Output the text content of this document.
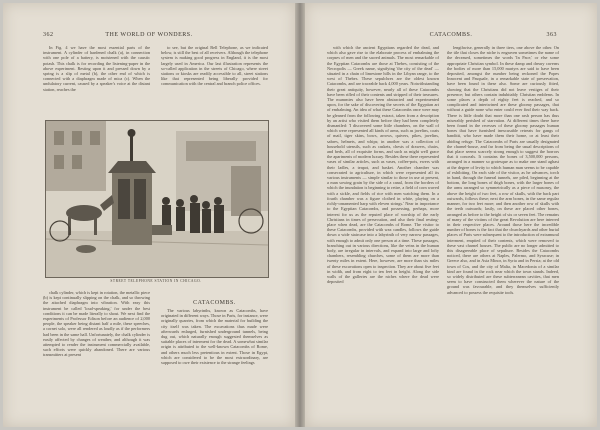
362	THE WORLD OF WONDERS.

In Fig. 4 we have the most essential parts of the instrument. A cylinder of hardened chalk (a), in connection with one pole of a battery, is moistened with the caustic potash. This chalk is for recording the listening-paper in the above experiment. Resting upon it and pressed down by a spring is a slip of metal (b), the other end of which is connected with a diaphragm made of mica (c). When the undulatory current, caused by a speaker's voice at the distant station, reaches the

to see, but the original Bell Telephone, as we indicated below, is still the best of all receivers. Although the telephone system is making good progress in England, it is the most largely used in America. Our last illustration represents the so-called application in the streets of Chicago, where street stations or kiosks are readily accessible to all, street stations like that represented being liberally provided for communication with the central and branch police offices.

STREET TELEPHONE STATION IN CHICAGO.

chalk cylinder, which is kept in rotation, the metallic piece (b) is kept continually slipping on the chalk, and so throwing the attached diaphragm into vibration. With easy this instrument be called 'loud-speaking,' for under the best conditions it can be made literally to shout. We next find the experiments of Professor Edison before an audience of 2,000 people, the speaker being distant half a mile, these speeches, a cornet solo, were all rendered as loudly as if the performers had been in the same hall. Unfortunately, the chalk cylinder is easily affected by changes of weather, and although it was attempted to render the instrument commercially available, such efforts were quickly abandoned. There are various transmitters at present

CATACOMBS.

The various labyrinths, known as Catacombs, have originated in different ways. Those in Paris, for instance, were originally quarries, from which the material for building the city itself was taken. The excavations thus made were afterwards enlarged, furnished underground tunnels, being dug out, which naturally enough suggested themselves as suitable places of interment for the dead. A somewhat similar origin is attributed to the well-known Catacombs of Rome, and others much less pretentious in extent. Those in Egypt, which are considered to be the most extraordinary, are supposed to owe their existence to the strange feelings

CATACOMBS.	363

with which the ancient Egyptians regarded the dead, and which also gave rise to the elaborate process of embalming the corpses of men and the sacred animals. The most remarkable of the Egyptian Catacombs are those at Thebes, consisting of the Necropolis — Greek name, signifying 'the city of the dead' — situated in a chain of limestone hills in the Libyan range, to the west of Thebes. These sepulchres are the oldest known Catacombs, and are traceable back 4,000 years. Notwithstanding their great antiquity, however, nearly all of these Catacombs have been rifled of their contents and stripped of their treasures. The mummies also have been abstracted and experimented upon, for the sake of discovering the secrets of the Egyptian art of embalming. An idea of what these Catacombs once were may be gleaned from the following extract, taken from a description by an artist who visited them before they had been completely dismantled: 'I discovered some little chambers, on the wall of which were represented all kinds of arms, such as javelins, coats of mail, tiger skins, bows, arrows, quivers, pikes, javelins, sabres, helmets, and whips; in another was a collection of household utensils, such as caskets, chests of drawers, chairs, and beds, all of exquisite forms, and such as might well grace the apartments of modern luxury. Besides these there represented vases of similar articles, such as vases, coffee-pots, ewers with their ladles, a teapot, and basket. Another chamber was consecrated to agriculture, in which were represented all its various instruments — simple similar to those in use at present, a man sowing grain by the side of a canal, from the borders of which the inundation is beginning to retire, a field of corn waved with a sickle, and fields of rice with men watching them. In a fourth chamber was a figure clothed in white, playing on a richly-ornamented harp with eleven strings.' Near in importance to the Egyptian Catacombs, and possessing, perhaps, more interest for us as the reputed place of worship of the early Christians in times of persecution, and also their final resting-place when dead, are the Catacombs of Rome. The visitor to these Catacombs, provided with wax candles, follows the guide down a wide staircase into a labyrinth of very narrow passages, with enough to admit only one person at a time. These passages, branching out in various directions, like the veins in the human body, are irregular in intervals, and expand into large and lofty chambers, resembling churches, some of them are more than twenty miles in extent. Here, however, are more than six miles of these excavations open to inspection. They are about five feet in width, and from eight to ten feet in height. Along the side walls of the galleries are the niches where the dead were deposited

lengthwise, generally in three tiers, one above the other. On the tile that closes the niche is engraven sometimes the name of the deceased, sometimes the words 'In Pace,' or else some appropriate Christian symbol. In these damp and dreary caverns the bodies of more than 15,000 martyrs are said to have been deposited, amongst the number being reckoned the Popes Innocent and Pasquale, in a remarkable state of preservation, have been found in these also. Some are curiously fitted, showing that the Christians did not leave vestiges of their presence; but others contain indubitably Christian emblems. In some places a depth of eighty feet is reached, and so complicated and intertwined are these gloomy passages, that without a guide none who enter could ever find their way back. There is little doubt that more than one rash person has thus miserably perished of starvation. At different times there have been found in the recesses of these gloomy passages human bones that have furnished inexcusable retreats for gangs of banditti, who have made them their home, or at least their abiding refuge. The Catacombs of Paris are usually designated the charnel-house, and far from being the usual descriptions of that place seems scarcely strong enough to suggest the horrors that it conceals. It contains the bones of 3,500,000 persons, arranged in a manner so grotesque as to make one stand aghast at the degree of levity to which human man seems to be capable of exhibiting. On each side of the visitor, as he advances, torch in hand, through the funeral tunnels, are piled, beginning at the bottom, the long bones of thigh bones, with the larger bones of the arms arranged so symmetrically as a piece of masonry, the above the height of two feet, a row of skulls, with the back part outwards, follows these; next the arm bones, in the same regular manner, for two feet more; and then another row of skulls with the teeth outwards; lastly, on these are placed other bones, arranged as before to the height of six or seven feet. The remains of many of the victims of the great Revolution are here interred in their respective places. Around those here the incredible number of bones is the fact that the churchyards and other burial places of Paris were subsequent to the introduction of extramural interment, emptied of their contents, which were removed to these vast charnel houses. The public are no longer admitted to this disagreeable place of sepulture. Besides the Catacombs noticed, there are others at Naples, Palermo, and Syracuse; in Greece also, and in Asia Minor, in Syria and in Persia; at the old town of Cos, and the city of Malta, in Macedonia of a similar kind are found in the rock near which the town stands. Indeed, so widely distributed are these subterranean cavities, that men seem to have constructed them wherever the nature of the ground was favourable, and they themselves sufficiently advanced to possess the requisite tools.
